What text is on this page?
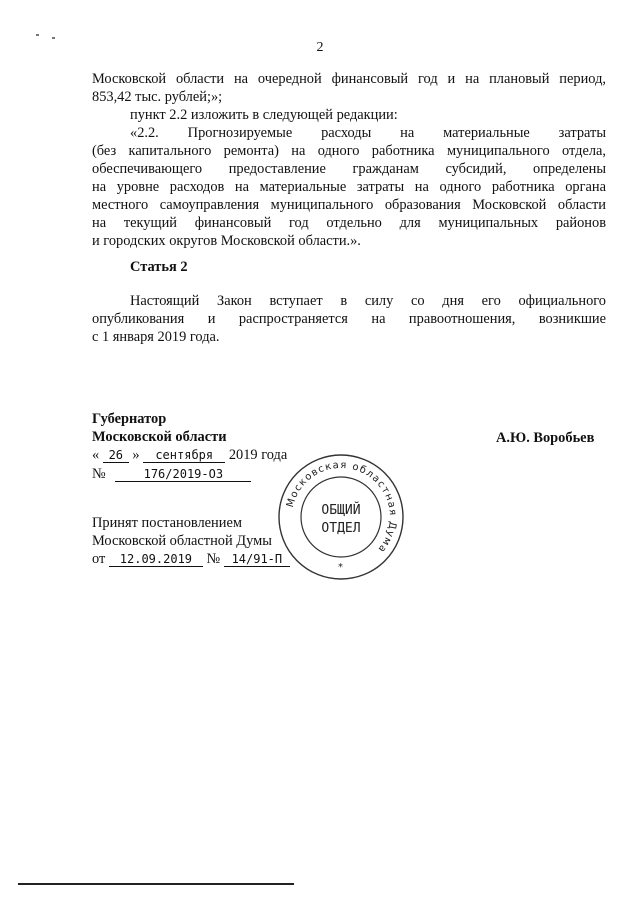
2
Московской области на очередной финансовый год и на плановый период,
853,42 тыс. рублей;»;
пункт 2.2 изложить в следующей редакции:
«2.2. Прогнозируемые расходы на материальные затраты
(без капитального ремонта) на одного работника муниципального отдела,
обеспечивающего предоставление гражданам субсидий, определены
на уровне расходов на материальные затраты на одного работника органа
местного самоуправления муниципального образования Московской области
на текущий финансовый год отдельно для муниципальных районов
и городских округов Московской области.».
Статья 2
Настоящий Закон вступает в силу со дня его официального
опубликования и распространяется на правоотношения, возникшие
с 1 января 2019 года.
Губернатор
Московской области	А.Ю. Воробьев
« 26 » сентября 2019 года
№	176/2019-ОЗ
Принят постановлением
Московской областной Думы
от 12.09.2019 № 14/91-П
Московская областная Дума
*
ОБЩИЙ
ОТДЕЛ
